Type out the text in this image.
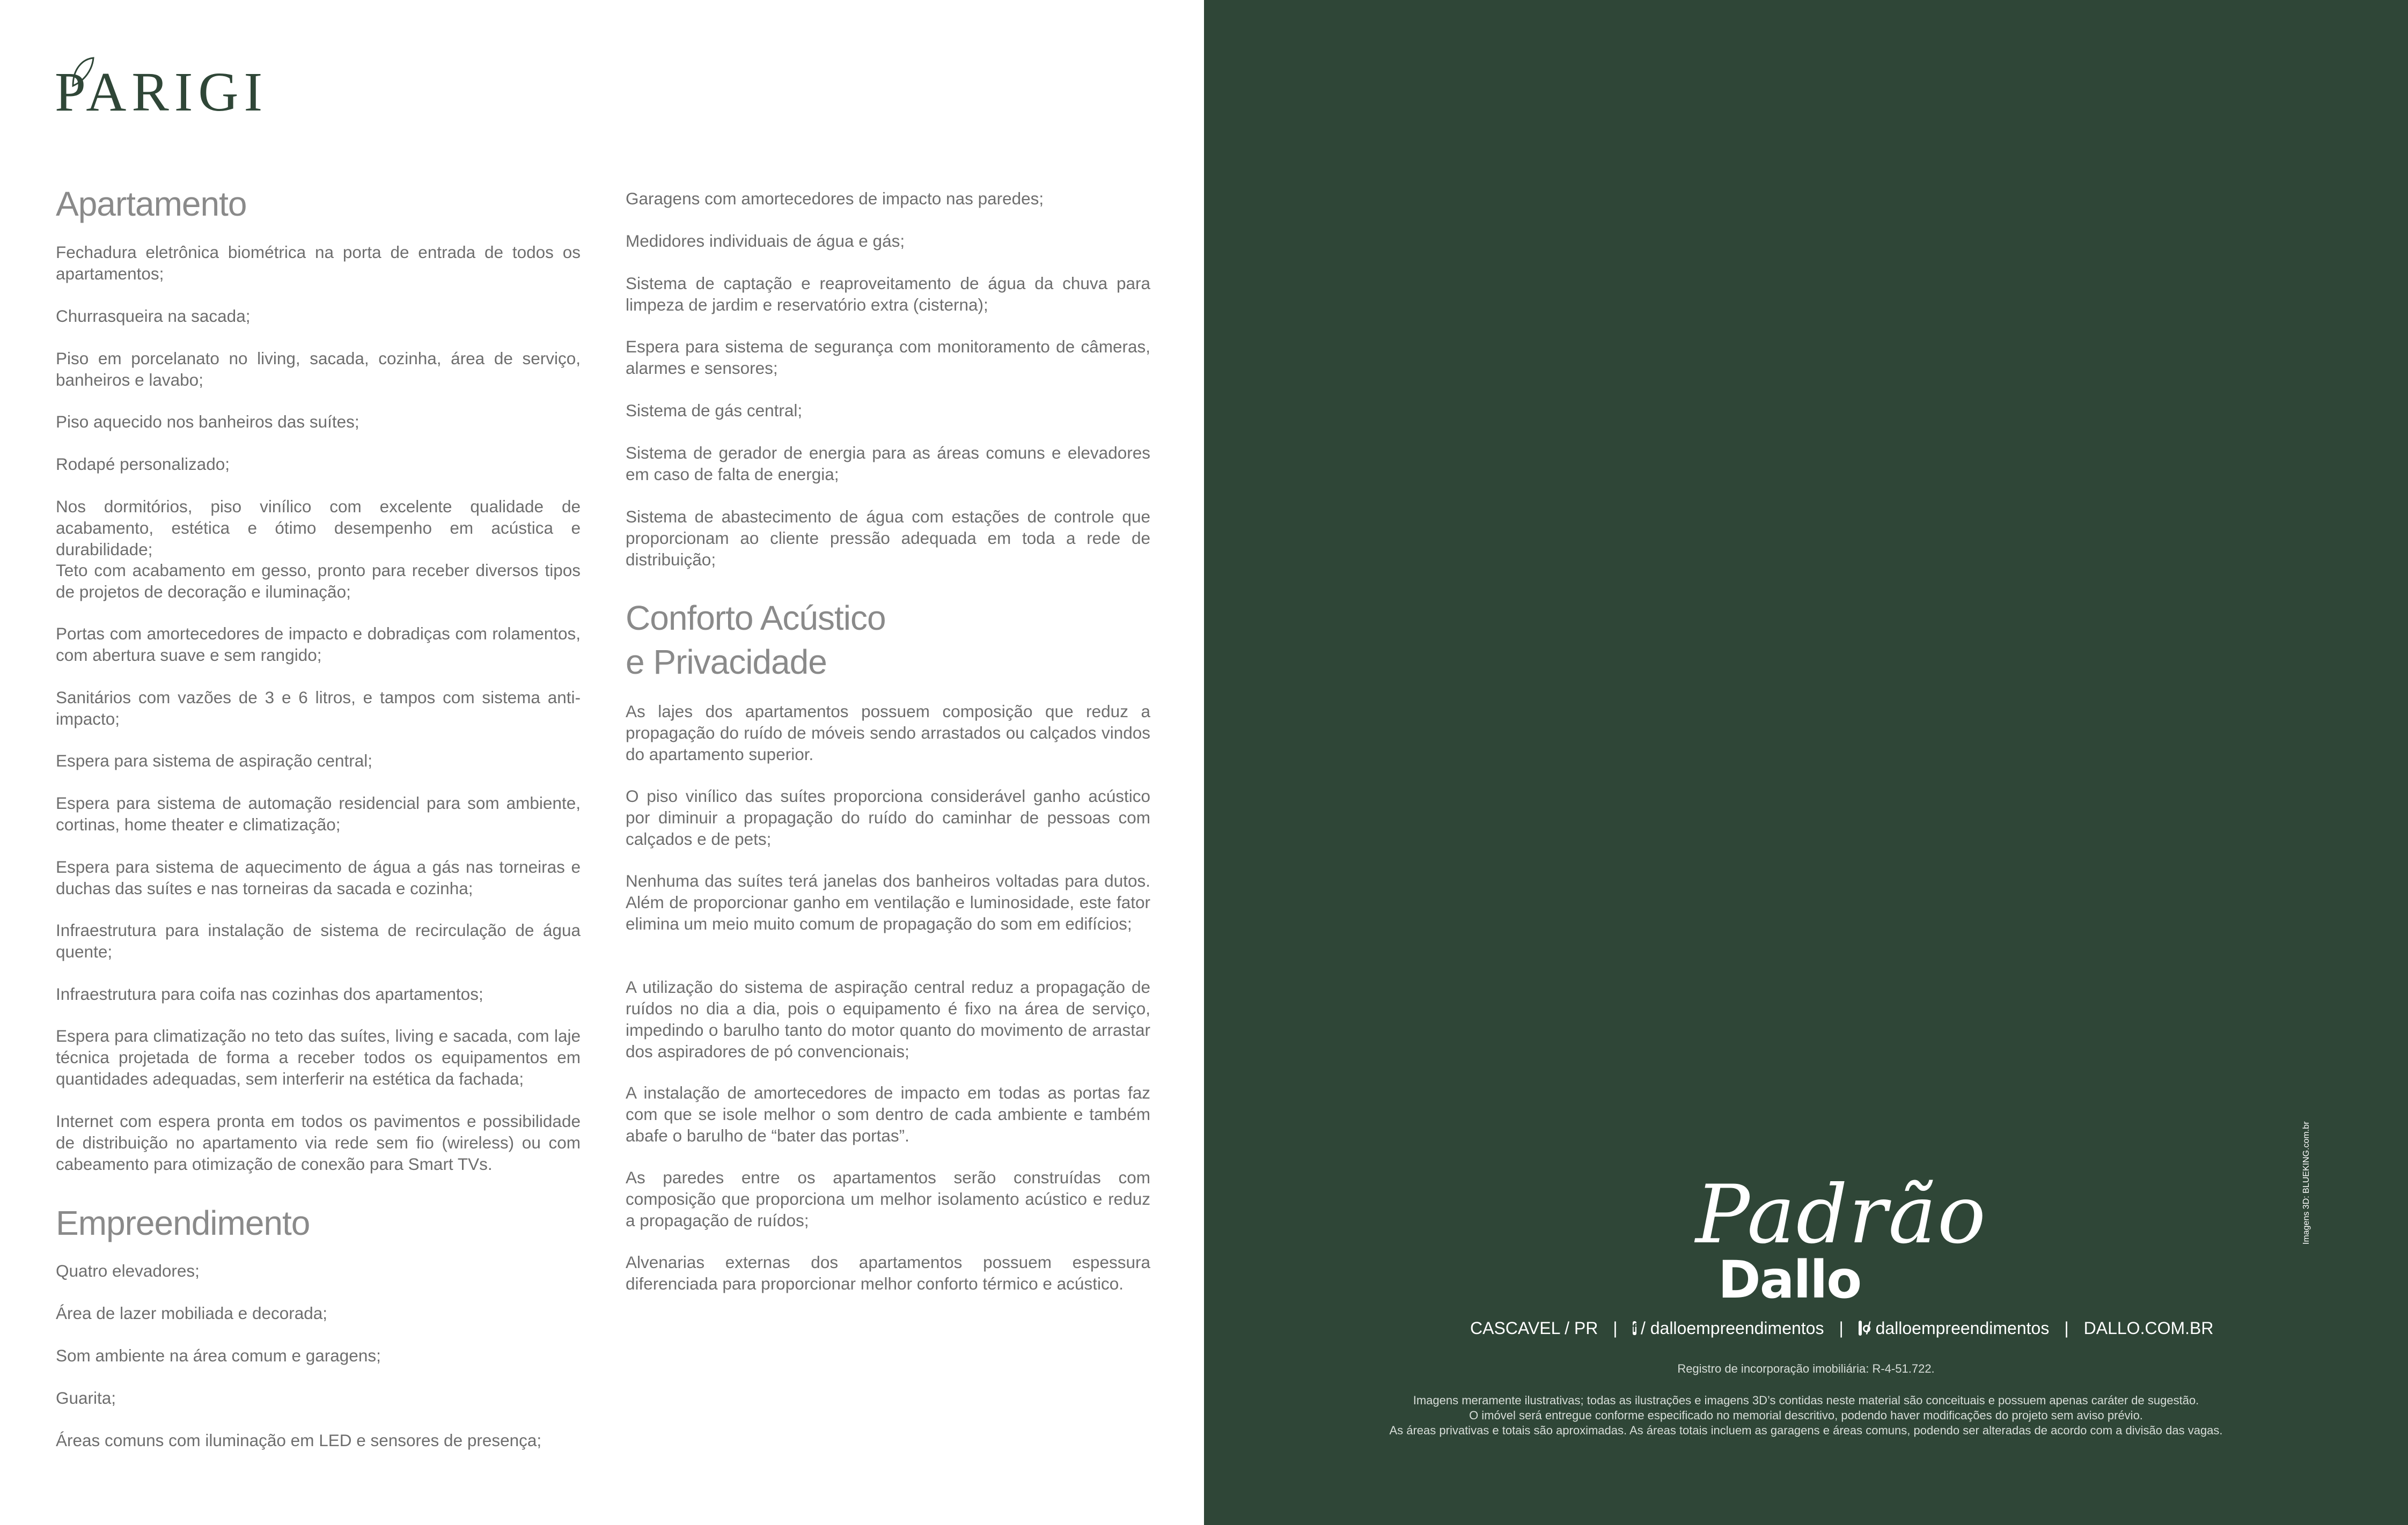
PARIGI
Apartamento

Fechadura eletrônica biométrica na porta de entrada de todos os apartamentos;

Churrasqueira na sacada;

Piso em porcelanato no living, sacada, cozinha, área de serviço, banheiros e lavabo;

Piso aquecido nos banheiros das suítes;

Rodapé personalizado;

Nos dormitórios, piso vinílico com excelente qualidade de acabamento, estética e ótimo desempenho em acústica e durabilidade;

Teto com acabamento em gesso, pronto para receber diversos tipos de projetos de decoração e iluminação;

Portas com amortecedores de impacto e dobradiças com rolamentos, com abertura suave e sem rangido;

Sanitários com vazões de 3 e 6 litros, e tampos com sistema anti-impacto;

Espera para sistema de aspiração central;

Espera para sistema de automação residencial para som ambiente, cortinas, home theater e climatização;

Espera para sistema de aquecimento de água a gás nas torneiras e duchas das suítes e nas torneiras da sacada e cozinha;

Infraestrutura para instalação de sistema de recirculação de água quente;

Infraestrutura para coifa nas cozinhas dos apartamentos;

Espera para climatização no teto das suítes, living e sacada, com laje técnica projetada de forma a receber todos os equipamentos em quantidades adequadas, sem interferir na estética da fachada;

Internet com espera pronta em todos os pavimentos e possibilidade de distribuição no apartamento via rede sem fio (wireless) ou com cabeamento para otimização de conexão para Smart TVs.

Empreendimento

Quatro elevadores;

Área de lazer mobiliada e decorada;

Som ambiente na área comum e garagens;

Guarita;

Áreas comuns com iluminação em LED e sensores de presença;

Garagens com amortecedores de impacto nas paredes;

Medidores individuais de água e gás;

Sistema de captação e reaproveitamento de água da chuva para limpeza de jardim e reservatório extra (cisterna);

Espera para sistema de segurança com monitoramento de câmeras, alarmes e sensores;

Sistema de gás central;

Sistema de gerador de energia para as áreas comuns e elevadores em caso de falta de energia;

Sistema de abastecimento de água com estações de controle que proporcionam ao cliente pressão adequada em toda a rede de distribuição;

Conforto Acústico
e Privacidade

As lajes dos apartamentos possuem composição que reduz a propagação do ruído de móveis sendo arrastados ou calçados vindos do apartamento superior.

O piso vinílico das suítes proporciona considerável ganho acústico por diminuir a propagação do ruído do caminhar de pessoas com calçados e de pets;

Nenhuma das suítes terá janelas dos banheiros voltadas para dutos. Além de proporcionar ganho em ventilação e luminosidade, este fator elimina um meio muito comum de propagação do som em edifícios;

A utilização do sistema de aspiração central reduz a propagação de ruídos no dia a dia, pois o equipamento é fixo na área de serviço, impedindo o barulho tanto do motor quanto do movimento de arrastar dos aspiradores de pó convencionais;

A instalação de amortecedores de impacto em todas as portas faz com que se isole melhor o som dentro de cada ambiente e também abafe o barulho de “bater das portas”.

As paredes entre os apartamentos serão construídas com composição que proporciona um melhor isolamento acústico e reduz a propagação de ruídos;

Alvenarias externas dos apartamentos possuem espessura diferenciada para proporcionar melhor conforto térmico e acústico.

Padrão
Dallo
CASCAVEL / PR | f / dalloempreendimentos | / dalloempreendimentos | DALLO.COM.BR

Registro de incorporação imobiliária: R-4-51.722.

Imagens meramente ilustrativas; todas as ilustrações e imagens 3D’s contidas neste material são conceituais e possuem apenas caráter de sugestão.

O imóvel será entregue conforme especificado no memorial descritivo, podendo haver modificações do projeto sem aviso prévio.

As áreas privativas e totais são aproximadas. As áreas totais incluem as garagens e áreas comuns, podendo ser alteradas de acordo com a divisão das vagas.

Imagens 3D: BLUEKING.com.br
